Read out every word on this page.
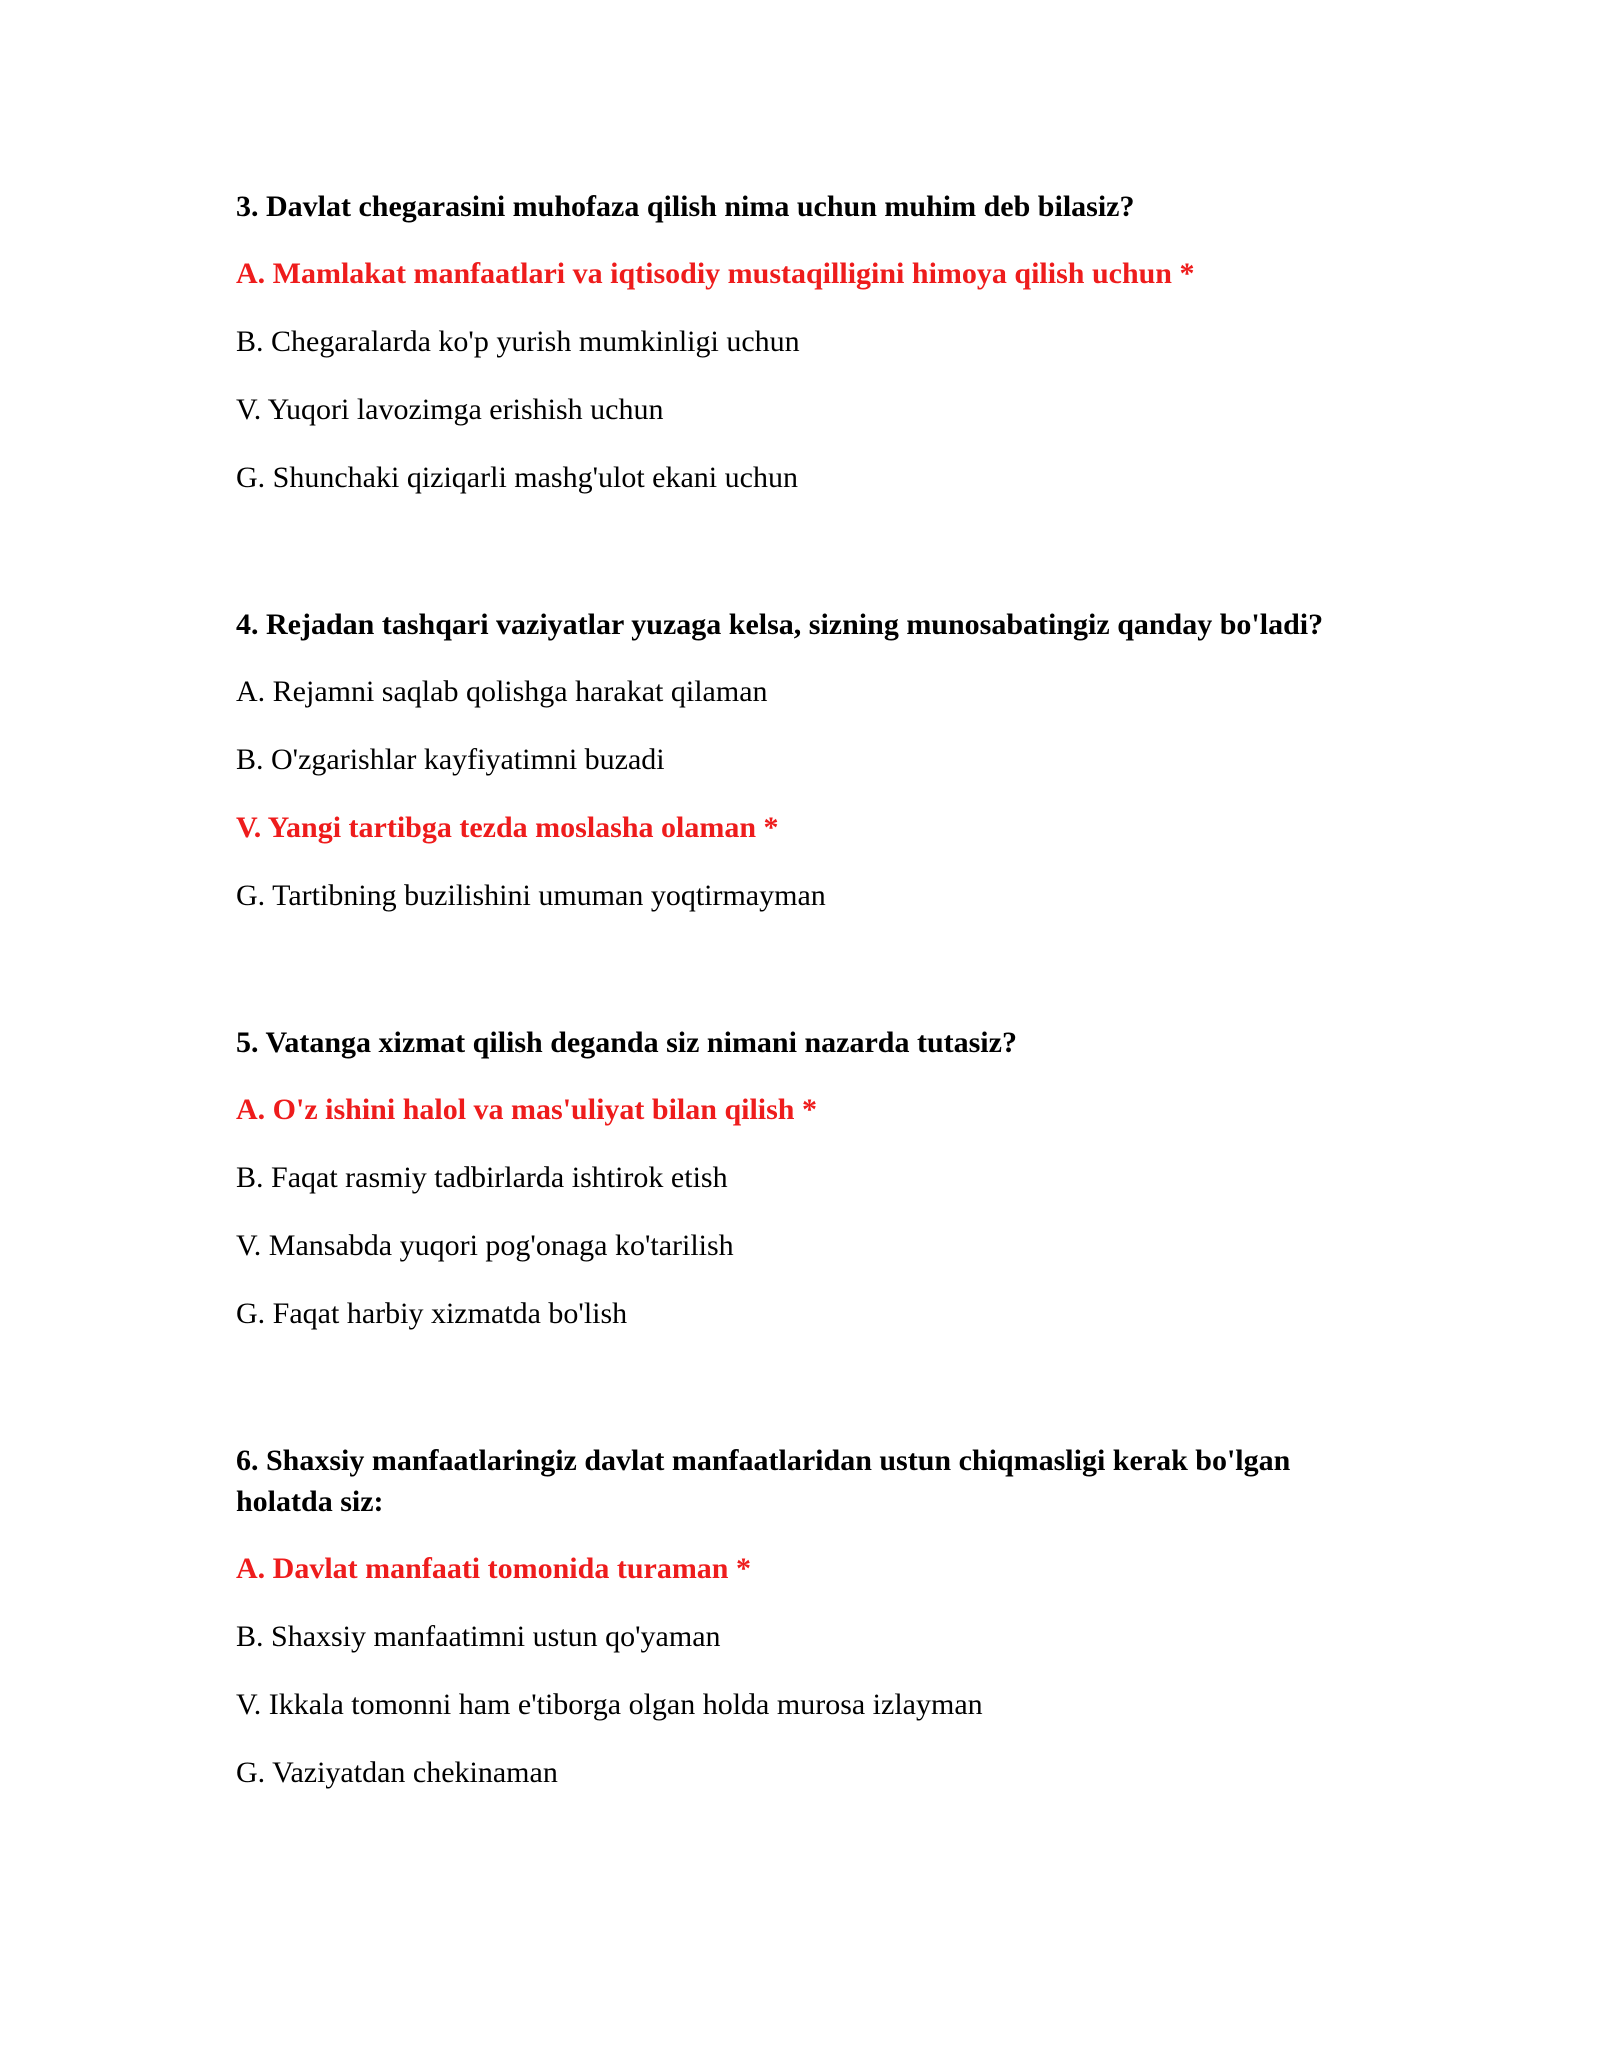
3. Davlat chegarasini muhofaza qilish nima uchun muhim deb bilasiz?

A. Mamlakat manfaatlari va iqtisodiy mustaqilligini himoya qilish uchun *

B. Chegaralarda ko'p yurish mumkinligi uchun

V. Yuqori lavozimga erishish uchun

G. Shunchaki qiziqarli mashg'ulot ekani uchun

4. Rejadan tashqari vaziyatlar yuzaga kelsa, sizning munosabatingiz qanday bo'ladi?

A. Rejamni saqlab qolishga harakat qilaman

B. O'zgarishlar kayfiyatimni buzadi

V. Yangi tartibga tezda moslasha olaman *

G. Tartibning buzilishini umuman yoqtirmayman

5. Vatanga xizmat qilish deganda siz nimani nazarda tutasiz?

A. O'z ishini halol va mas'uliyat bilan qilish *

B. Faqat rasmiy tadbirlarda ishtirok etish

V. Mansabda yuqori pog'onaga ko'tarilish

G. Faqat harbiy xizmatda bo'lish

6. Shaxsiy manfaatlaringiz davlat manfaatlaridan ustun chiqmasligi kerak bo'lgan holatda siz:

A. Davlat manfaati tomonida turaman *

B. Shaxsiy manfaatimni ustun qo'yaman

V. Ikkala tomonni ham e'tiborga olgan holda murosa izlayman

G. Vaziyatdan chekinaman
